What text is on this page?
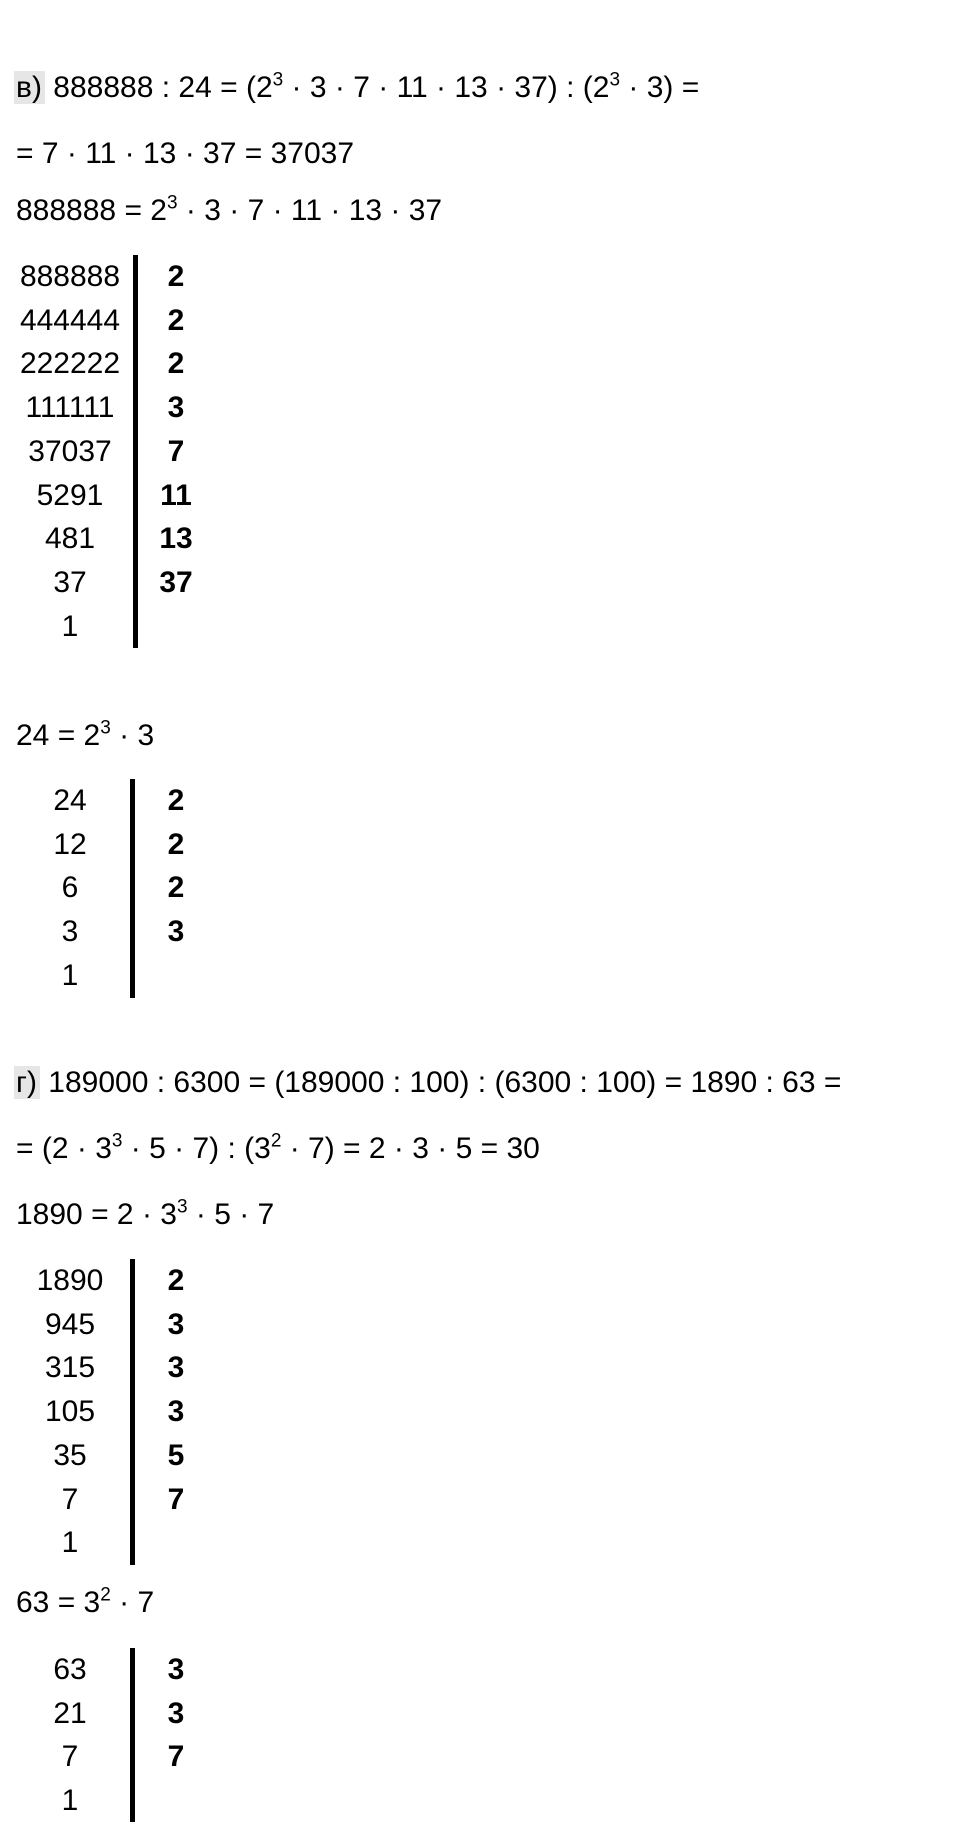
в) 888888 : $24 = (2^3 \cdot 3 \cdot 7 \cdot 11 \cdot 13 \cdot 37)$ : $(2^3 \cdot 3)$ =
= 7 · 11 · 13 · 37 = 37037
$888888 = 2^3 \cdot 3 \cdot 7 \cdot 11 \cdot 13 \cdot 37$
888888	2
444444	2
222222	2
111111	3
37037	7
5291	11
481	13
37	37
1
$24 = 2^3 \cdot 3$
24	2
12	2
6	2
3	3
1
г) 189000 : 6300 = (189000 : 100) : (6300 : 100) = 1890 : 63 =
= $(2 \cdot 3^3 \cdot 5 \cdot 7)$ : $(3^2 \cdot 7) = 2 \cdot 3 \cdot 5 = 30$
$1890 = 2 \cdot 3^3 \cdot 5 \cdot 7$
1890	2
945	3
315	3
105	3
35	5
7	7
1
$63 = 3^2 \cdot 7$
63	3
21	3
7	7
1
